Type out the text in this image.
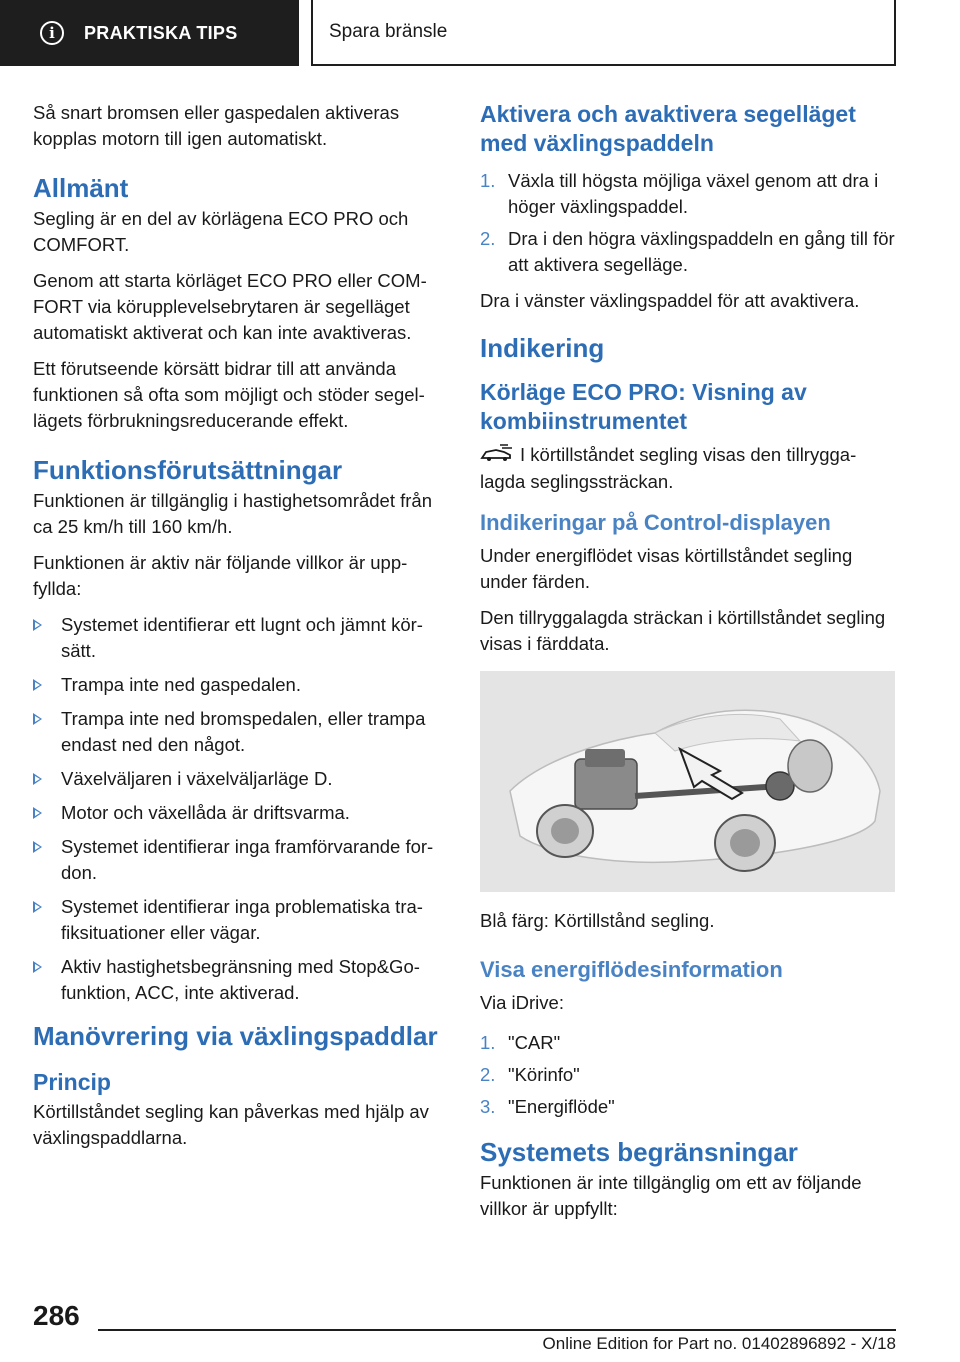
i	PRAKTISKA TIPS	Spara bränsle

Så snart bromsen eller gaspedalen aktiveras kopplas motorn till igen automatiskt.

Allmänt

Segling är en del av körlägena ECO PRO och COMFORT.

Genom att starta körläget ECO PRO eller COM-FORT via körupplevelsebrytaren är segelläget automatiskt aktiverat och kan inte avaktiveras.

Ett förutseende körsätt bidrar till att använda funktionen så ofta som möjligt och stöder segel-lägets förbrukningsreducerande effekt.

Funktionsförutsättningar

Funktionen är tillgänglig i hastighetsområdet från ca 25 km/h till 160 km/h.

Funktionen är aktiv när följande villkor är upp-fyllda:

Systemet identifierar ett lugnt och jämnt kör-sätt.
Trampa inte ned gaspedalen.
Trampa inte ned bromspedalen, eller trampa endast ned den något.
Växelväljaren i växelväljarläge D.
Motor och växellåda är driftsvarma.
Systemet identifierar inga framförvarande for-don.
Systemet identifierar inga problematiska tra-fiksituationer eller vägar.
Aktiv hastighetsbegränsning med Stop&Go-funktion, ACC, inte aktiverad.
Manövrering via växlingspaddlar
Princip

Körtillståndet segling kan påverkas med hjälp av växlingspaddlarna.

Aktivera och avaktivera segelläget med växlingspaddeln
1. Växla till högsta möjliga växel genom att dra i höger växlingspaddel.
2. Dra i den högra växlingspaddeln en gång till för att aktivera segelläge.

Dra i vänster växlingspaddel för att avaktivera.

Indikering
Körläge ECO PRO: Visning av kombiinstrumentet

I körtillståndet segling visas den tillrygga-lagda seglingssträckan.

Indikeringar på Control-displayen

Under energiflödet visas körtillståndet segling under färden.

Den tillryggalagda sträckan i körtillståndet segling visas i färddata.

Blå färg: Körtillstånd segling.

Visa energiflödesinformation

Via iDrive:

1. "CAR"
2. "Körinfo"
3. "Energiflöde"
Systemets begränsningar

Funktionen är inte tillgänglig om ett av följande villkor är uppfyllt:

286
Online Edition for Part no. 01402896892 - X/18
